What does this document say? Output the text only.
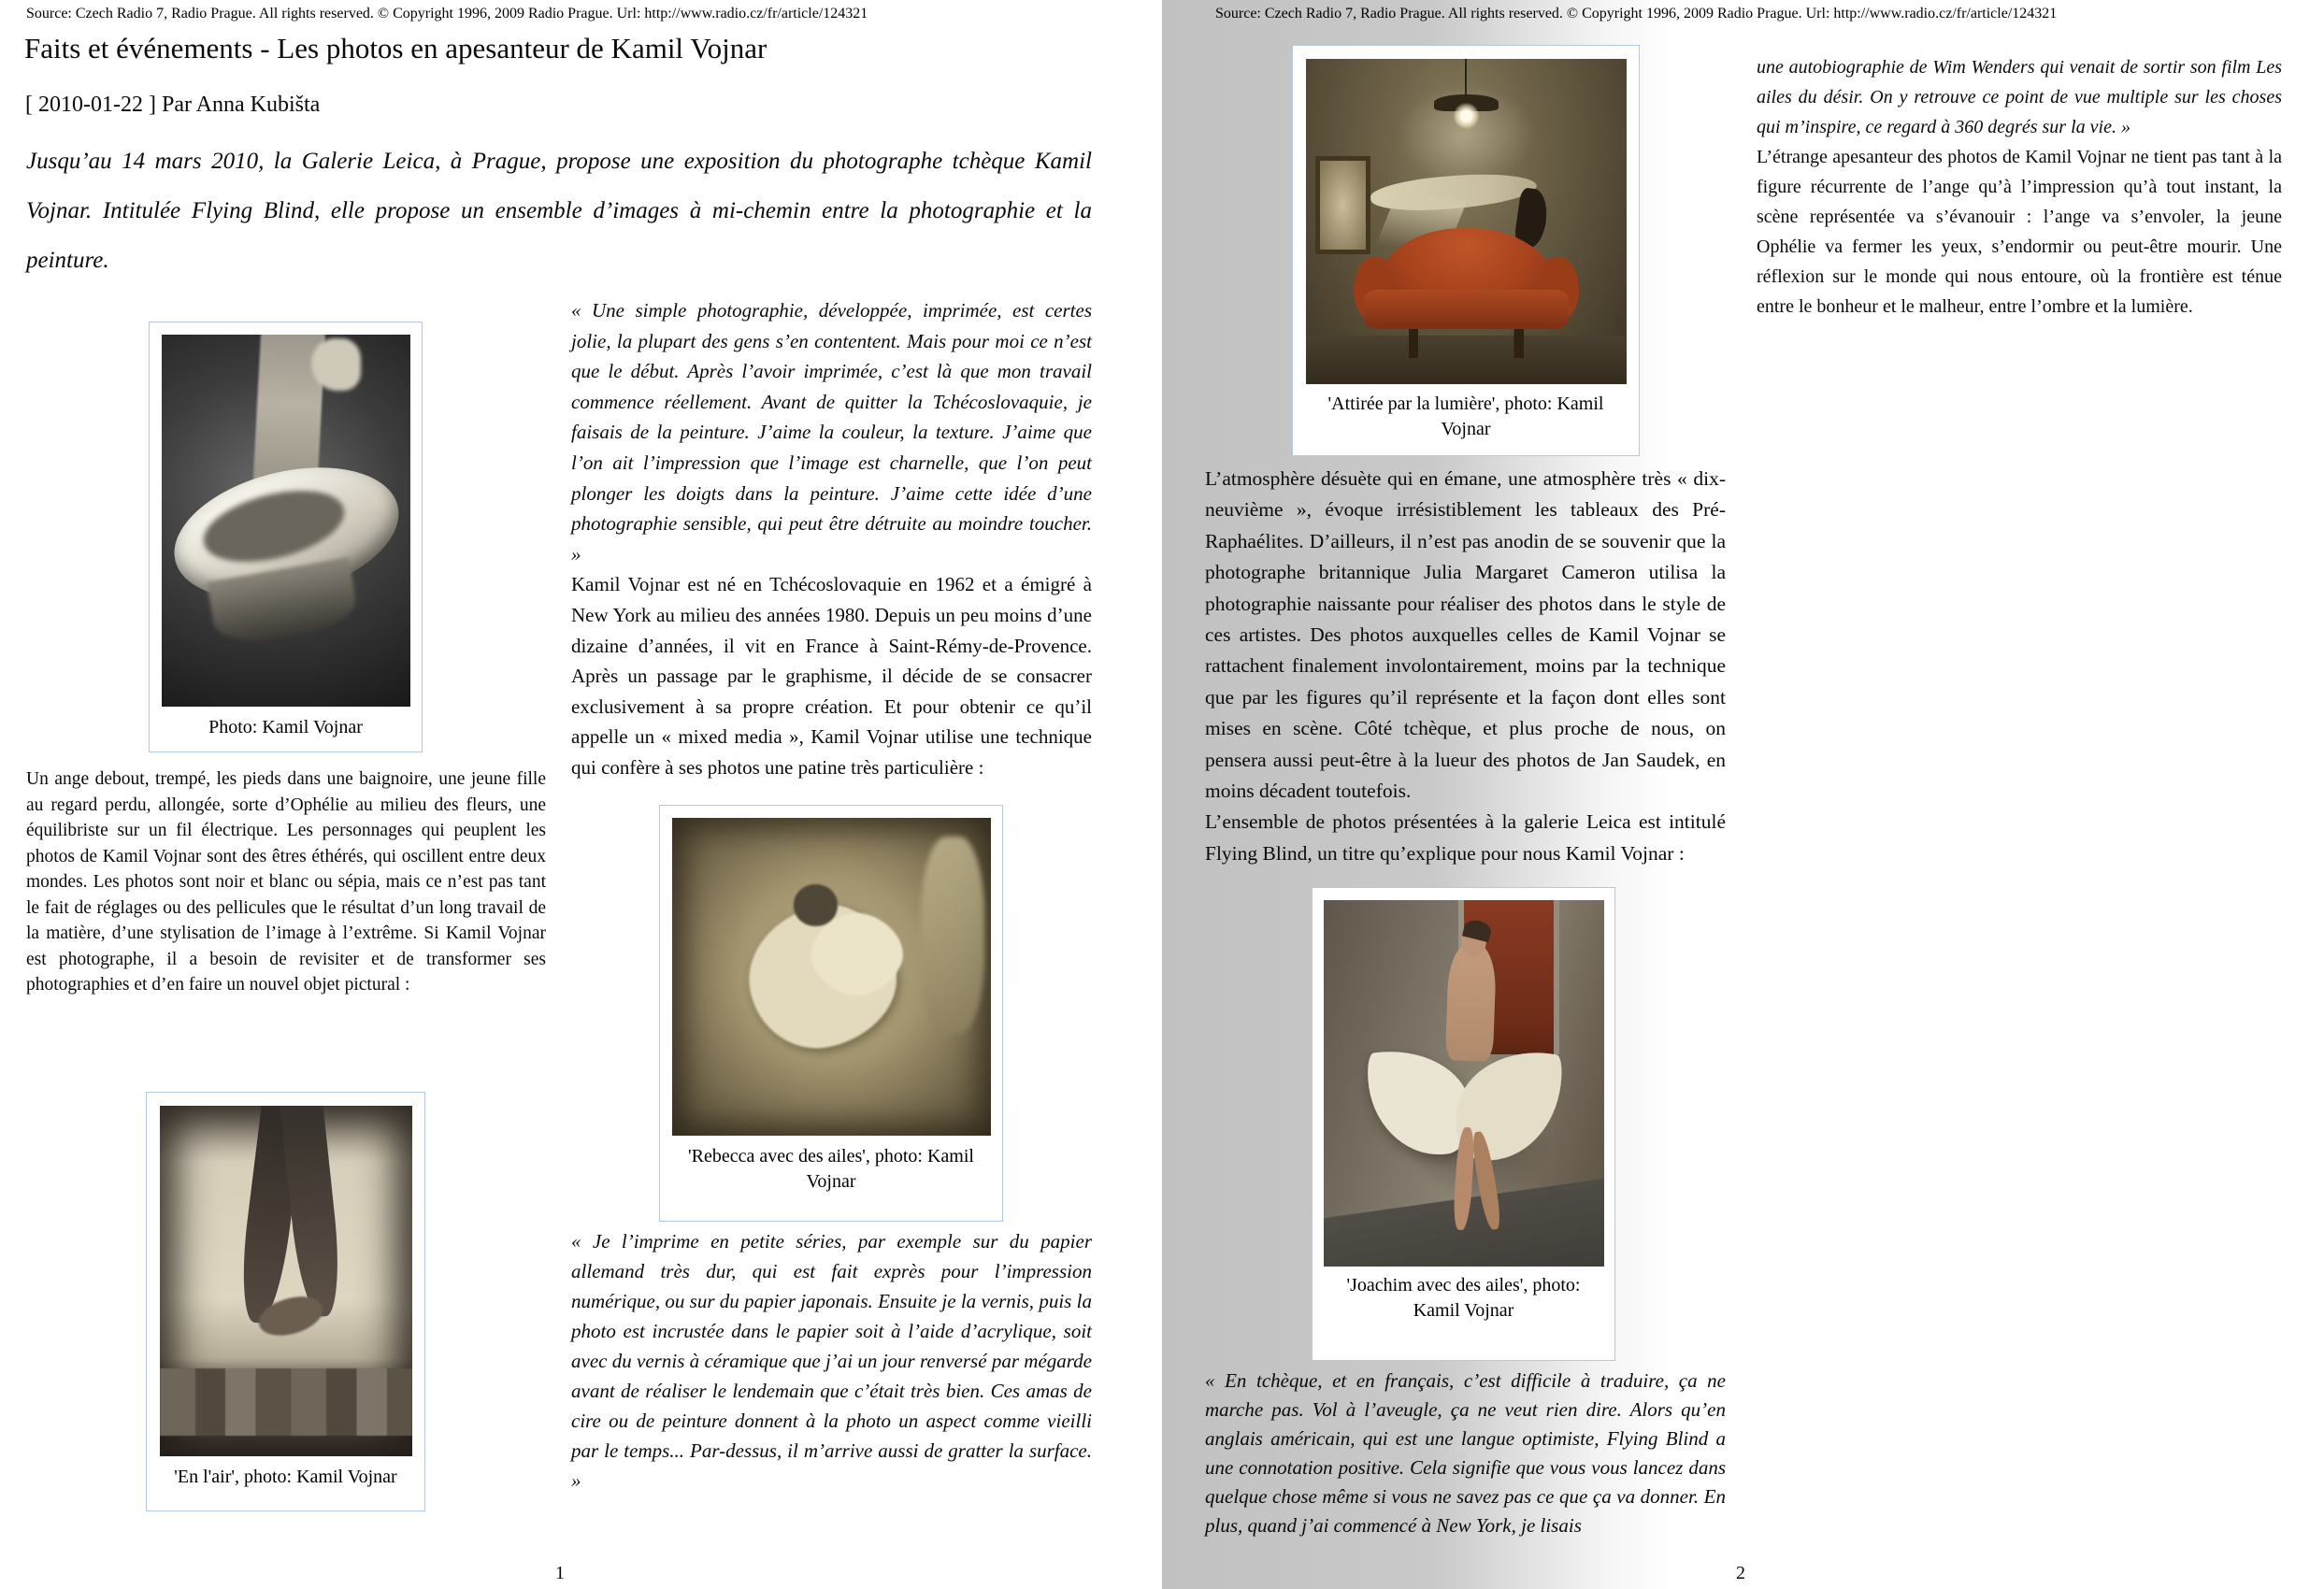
Source: Czech Radio 7, Radio Prague. All rights reserved. © Copyright 1996, 2009 Radio Prague. Url: http://www.radio.cz/fr/article/124321
Faits et événements - Les photos en apesanteur de Kamil Vojnar
[ 2010-01-22 ] Par Anna Kubišta

Jusqu’au 14 mars 2010, la Galerie Leica, à Prague, propose une exposition du photographe tchèque Kamil Vojnar. Intitulée Flying Blind, elle propose un ensemble d’images à mi-chemin entre la photographie et la peinture.

Photo: Kamil Vojnar

Un ange debout, trempé, les pieds dans une baignoire, une jeune fille au regard perdu, allongée, sorte d’Ophélie au milieu des fleurs, une équilibriste sur un fil électrique. Les personnages qui peuplent les photos de Kamil Vojnar sont des êtres éthérés, qui oscillent entre deux mondes. Les photos sont noir et blanc ou sépia, mais ce n’est pas tant le fait de réglages ou des pellicules que le résultat d’un long travail de la matière, d’une stylisation de l’image à l’extrême. Si Kamil Vojnar est photographe, il a besoin de revisiter et de transformer ses photographies et d’en faire un nouvel objet pictural :

'En l'air', photo: Kamil Vojnar

« Une simple photographie, développée, imprimée, est certes jolie, la plupart des gens s’en contentent. Mais pour moi ce n’est que le début. Après l’avoir imprimée, c’est là que mon travail commence réellement. Avant de quitter la Tchécoslovaquie, je faisais de la peinture. J’aime la couleur, la texture. J’aime que l’on ait l’impression que l’image est charnelle, que l’on peut plonger les doigts dans la peinture. J’aime cette idée d’une photographie sensible, qui peut être détruite au moindre toucher. »

Kamil Vojnar est né en Tchécoslovaquie en 1962 et a émigré à New York au milieu des années 1980. Depuis un peu moins d’une dizaine d’années, il vit en France à Saint-Rémy-de-Provence. Après un passage par le graphisme, il décide de se consacrer exclusivement à sa propre création. Et pour obtenir ce qu’il appelle un « mixed media », Kamil Vojnar utilise une technique qui confère à ses photos une patine très particulière :

'Rebecca avec des ailes', photo: Kamil Vojnar

« Je l’imprime en petite séries, par exemple sur du papier allemand très dur, qui est fait exprès pour l’impression numérique, ou sur du papier japonais. Ensuite je la vernis, puis la photo est incrustée dans le papier soit à l’aide d’acrylique, soit avec du vernis à céramique que j’ai un jour renversé par mégarde avant de réaliser le lendemain que c’était très bien. Ces amas de cire ou de peinture donnent à la photo un aspect comme vieilli par le temps... Par-dessus, il m’arrive aussi de gratter la surface. »

1
Source: Czech Radio 7, Radio Prague. All rights reserved. © Copyright 1996, 2009 Radio Prague. Url: http://www.radio.cz/fr/article/124321
'Attirée par la lumière', photo: Kamil Vojnar

L’atmosphère désuète qui en émane, une atmosphère très « dix-neuvième », évoque irrésistiblement les tableaux des Pré-Raphaélites. D’ailleurs, il n’est pas anodin de se souvenir que la photographe britannique Julia Margaret Cameron utilisa la photographie naissante pour réaliser des photos dans le style de ces artistes. Des photos auxquelles celles de Kamil Vojnar se rattachent finalement involontairement, moins par la technique que par les figures qu’il représente et la façon dont elles sont mises en scène. Côté tchèque, et plus proche de nous, on pensera aussi peut-être à la lueur des photos de Jan Saudek, en moins décadent toutefois.

L’ensemble de photos présentées à la galerie Leica est intitulé Flying Blind, un titre qu’explique pour nous Kamil Vojnar :

'Joachim avec des ailes', photo: Kamil Vojnar

« En tchèque, et en français, c’est difficile à traduire, ça ne marche pas. Vol à l’aveugle, ça ne veut rien dire. Alors qu’en anglais américain, qui est une langue optimiste, Flying Blind a une connotation positive. Cela signifie que vous vous lancez dans quelque chose même si vous ne savez pas ce que ça va donner. En plus, quand j’ai commencé à New York, je lisais

une autobiographie de Wim Wenders qui venait de sortir son film Les ailes du désir. On y retrouve ce point de vue multiple sur les choses qui m’inspire, ce regard à 360 degrés sur la vie. »

L’étrange apesanteur des photos de Kamil Vojnar ne tient pas tant à la figure récurrente de l’ange qu’à l’impression qu’à tout instant, la scène représentée va s’évanouir : l’ange va s’envoler, la jeune Ophélie va fermer les yeux, s’endormir ou peut-être mourir. Une réflexion sur le monde qui nous entoure, où la frontière est ténue entre le bonheur et le malheur, entre l’ombre et la lumière.

2
